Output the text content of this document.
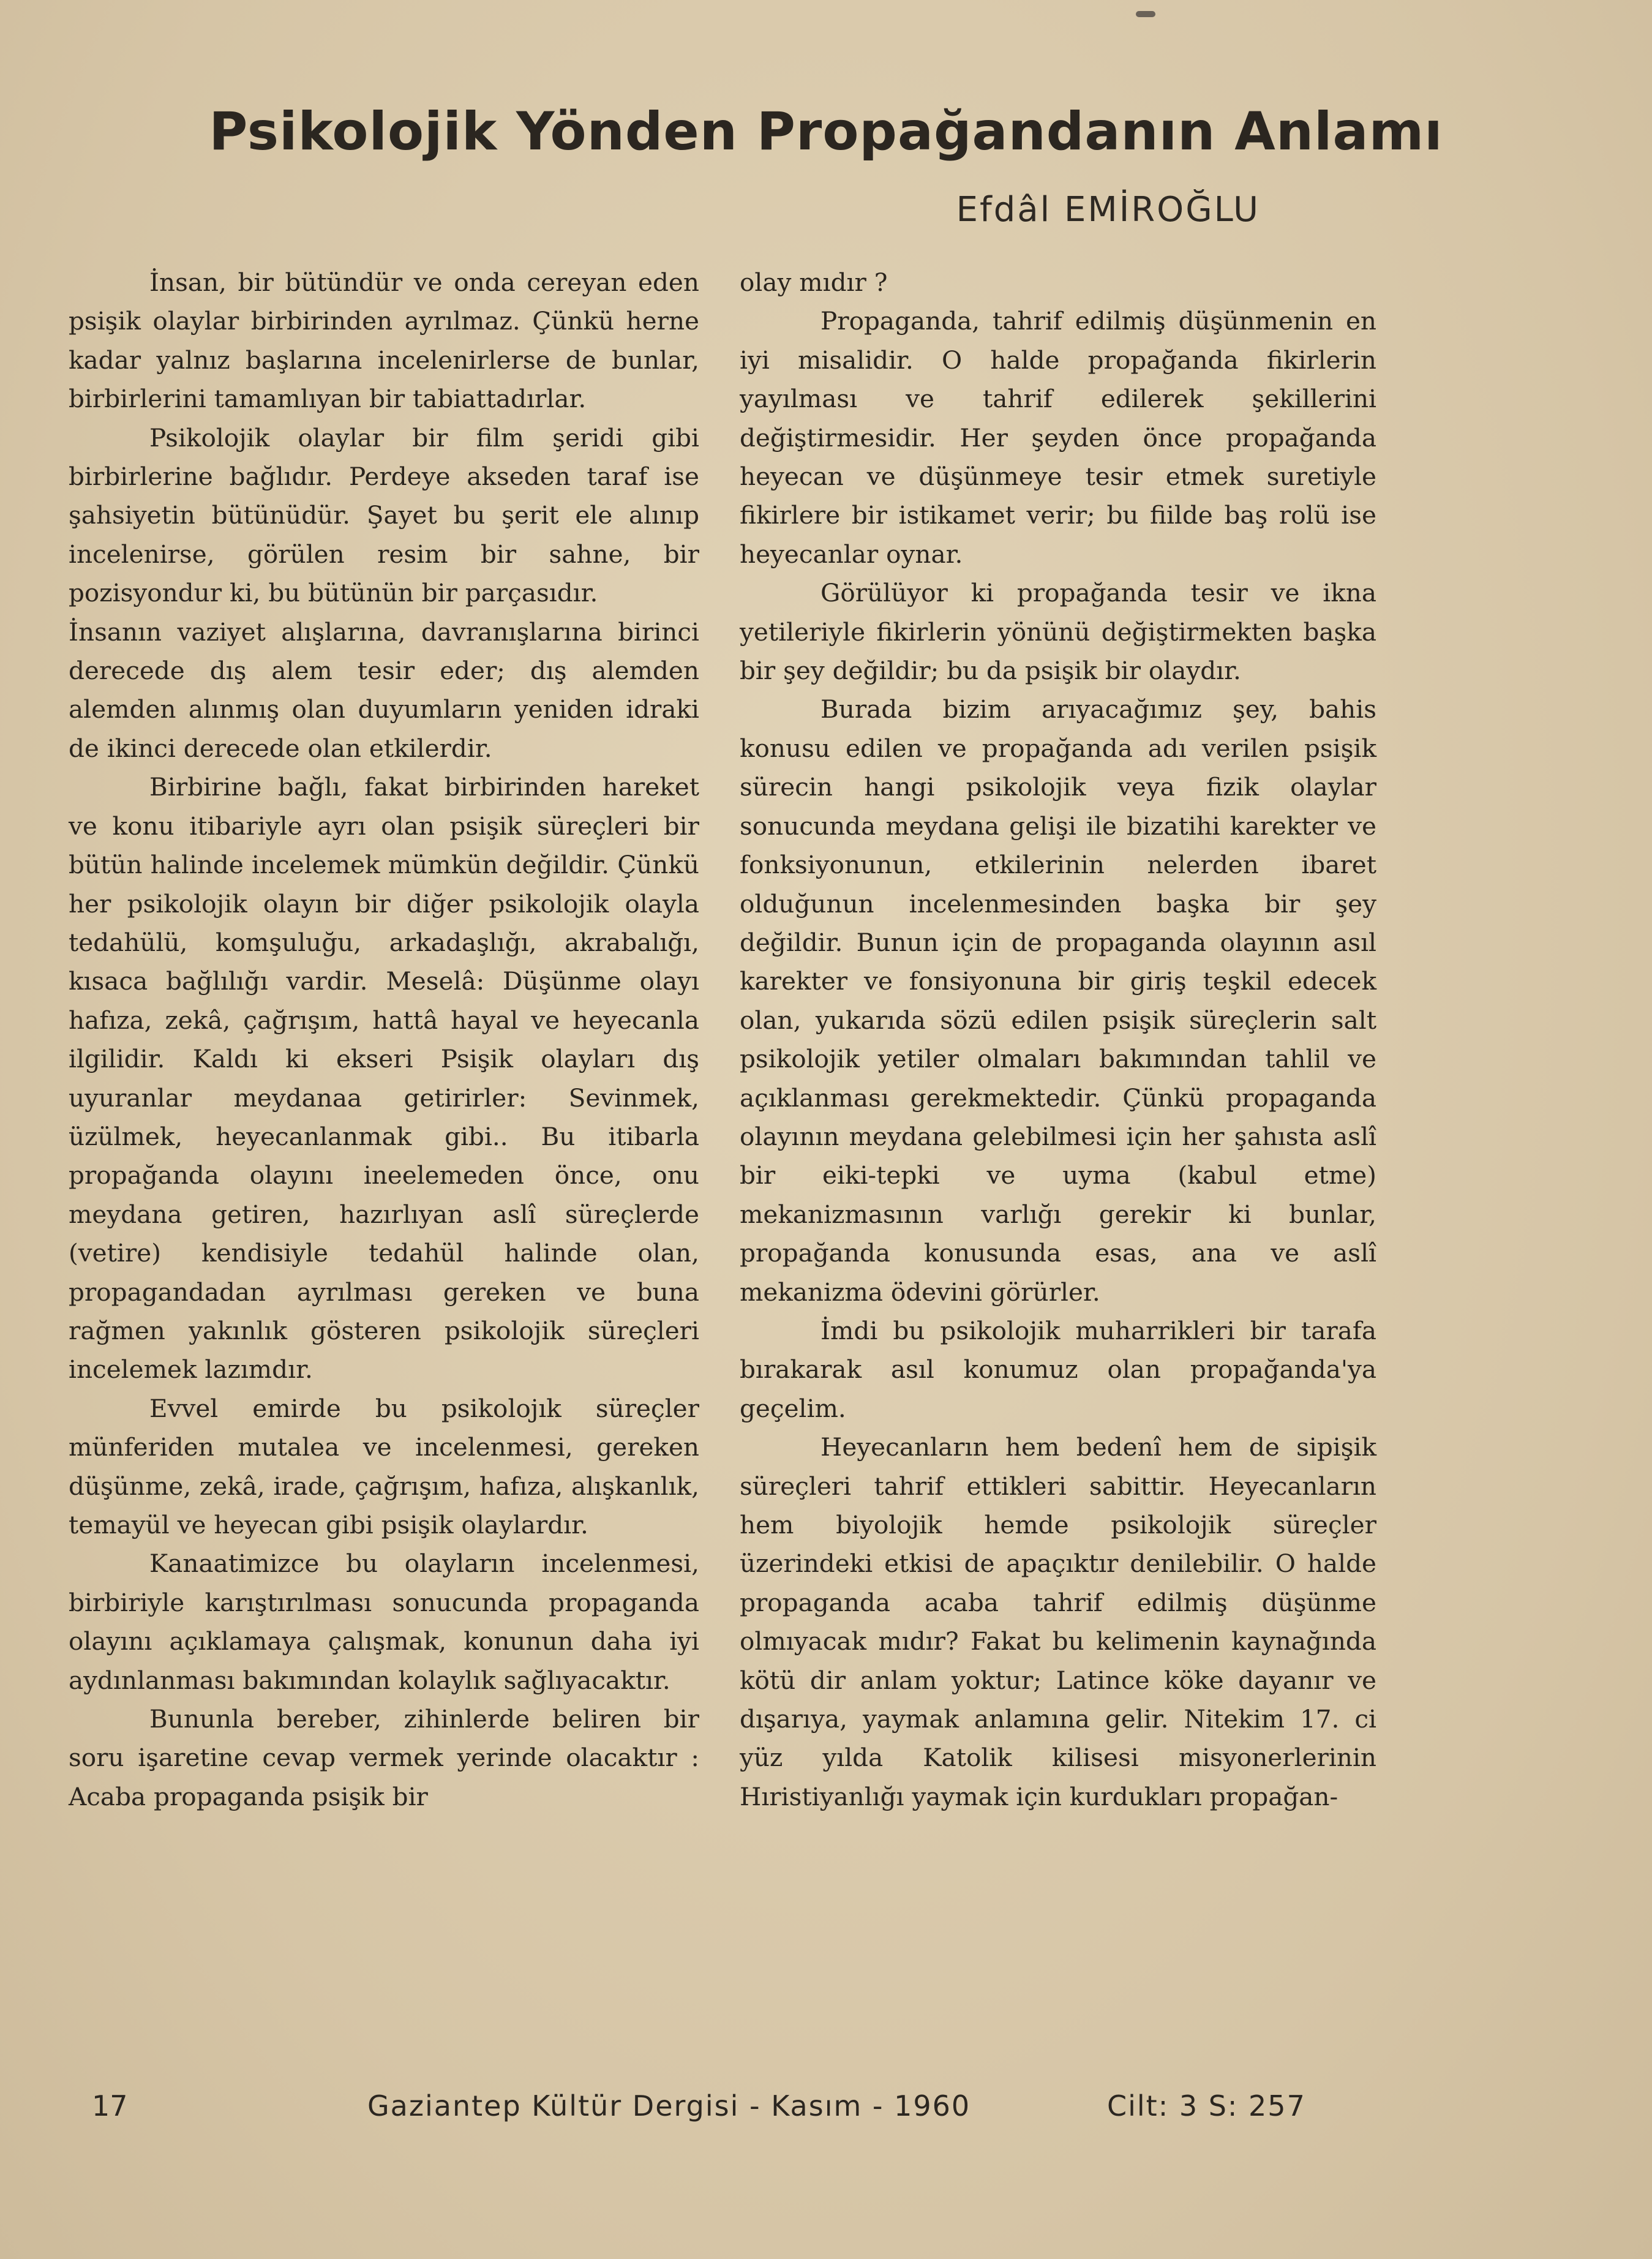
Psikolojik Yönden Propağandanın Anlamı
Efdâl EMİROĞLU

İnsan, bir bütündür ve onda cereyan eden psişik olaylar birbirinden ayrılmaz. Çünkü herne kadar yalnız başlarına incelenirlerse de bunlar, birbirlerini tamamlıyan bir tabiattadırlar.

Psikolojik olaylar bir film şeridi gibi birbirlerine bağlıdır. Perdeye akseden taraf ise şahsiyetin bütünüdür. Şayet bu şerit ele alınıp incelenirse, görülen resim bir sahne, bir pozisyondur ki, bu bütünün bir parçasıdır.

İnsanın vaziyet alışlarına, davranışlarına birinci derecede dış alem tesir eder; dış alemden alemden alınmış olan duyumların yeniden idraki de ikinci derecede olan etkilerdir.

Birbirine bağlı, fakat birbirinden hareket ve konu itibariyle ayrı olan psişik süreçleri bir bütün halinde incelemek mümkün değildir. Çünkü her psikolojik olayın bir diğer psikolojik olayla tedahülü, komşuluğu, arkadaşlığı, akrabalığı, kısaca bağlılığı vardir. Meselâ: Düşünme olayı hafıza, zekâ, çağrışım, hattâ hayal ve heyecanla ilgilidir. Kaldı ki ekseri Psişik olayları dış uyuranlar meydanaa getirirler: Sevinmek, üzülmek, heyecanlanmak gibi.. Bu itibarla propağanda olayını ineelemeden önce, onu meydana getiren, hazırlıyan aslî süreçlerde (vetire) kendisiyle tedahül halinde olan, propagandadan ayrılması gereken ve buna rağmen yakınlık gösteren psikolojik süreçleri incelemek lazımdır.

Evvel emirde bu psikolojık süreçler münferiden mutalea ve incelenmesi, gereken düşünme, zekâ, irade, çağrışım, hafıza, alışkanlık, temayül ve heyecan gibi psişik olaylardır.

Kanaatimizce bu olayların incelenmesi, birbiriyle karıştırılması sonucunda propaganda olayını açıklamaya çalışmak, konunun daha iyi aydınlanması bakımından kolaylık sağlıyacaktır.

Bununla bereber, zihinlerde beliren bir soru işaretine cevap vermek yerinde olacaktır : Acaba propaganda psişik bir

olay mıdır ?

Propaganda, tahrif edilmiş düşünmenin en iyi misalidir. O halde propağanda fikirlerin yayılması ve tahrif edilerek şekillerini değiştirmesidir. Her şeyden önce propağanda heyecan ve düşünmeye tesir etmek suretiyle fikirlere bir istikamet verir; bu fiilde baş rolü ise heyecanlar oynar.

Görülüyor ki propağanda tesir ve ikna yetileriyle fikirlerin yönünü değiştirmekten başka bir şey değildir; bu da psişik bir olaydır.

Burada bizim arıyacağımız şey, bahis konusu edilen ve propağanda adı verilen psişik sürecin hangi psikolojik veya fizik olaylar sonucunda meydana gelişi ile bizatihi karekter ve fonksiyonunun, etkilerinin nelerden ibaret olduğunun incelenmesinden başka bir şey değildir. Bunun için de propaganda olayının asıl karekter ve fonsiyonuna bir giriş teşkil edecek olan, yukarıda sözü edilen psişik süreçlerin salt psikolojik yetiler olmaları bakımından tahlil ve açıklanması gerekmektedir. Çünkü propaganda olayının meydana gelebilmesi için her şahısta aslî bir eiki-tepki ve uyma (kabul etme) mekanizmasının varlığı gerekir ki bunlar, propağanda konusunda esas, ana ve aslî mekanizma ödevini görürler.

İmdi bu psikolojik muharrikleri bir tarafa bırakarak asıl konumuz olan propağanda'ya geçelim.

Heyecanların hem bedenî hem de sipişik süreçleri tahrif ettikleri sabittir. Heyecanların hem biyolojik hemde psikolojik süreçler üzerindeki etkisi de apaçıktır denilebilir. O halde propaganda acaba tahrif edilmiş düşünme olmıyacak mıdır? Fakat bu kelimenin kaynağında kötü dir anlam yoktur; Latince köke dayanır ve dışarıya, yaymak anlamına gelir. Nitekim 17. ci yüz yılda Katolik kilisesi misyonerlerinin Hıristiyanlığı yaymak için kurdukları propağan-

17	Gaziantep Kültür Dergisi - Kasım - 1960	Cilt: 3 S: 257
